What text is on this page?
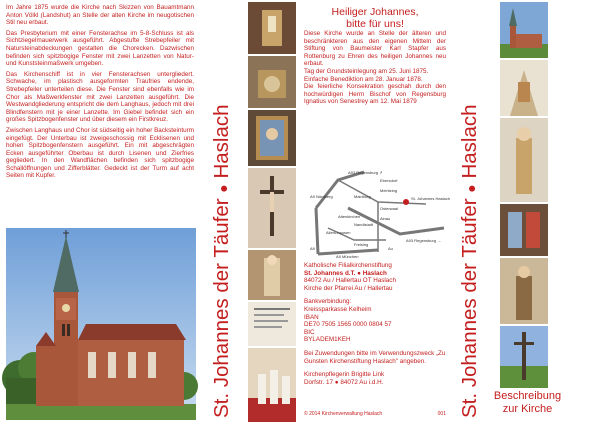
Im Jahre 1875 wurde die Kirche nach Skizzen von Bauamtmann Anton Völkl (Landshut) an Stelle der alten Kirche im neugotischen Stil neu erbaut.

Das Presbyterium mit einer Fensterachse im 5-8-Schluss ist als Sichtziegelmauerwerk ausgeführt. Abgestufte Strebepfeiler mit Natursteinabdeckungen gestalten die Chorecken. Dazwischen befinden sich spitzbogige Fenster mit zwei Lanzetten von Natur- und Kunststeinmaßwerk umgeben.

Das Kirchenschiff ist in vier Fensterachsen untergliedert. Schwache, im plastisch ausgeformten Traufries endende, Strebepfeiler unterteilen diese. Die Fenster sind ebenfalls wie im Chor als Maßwerkfenster mit zwei Lanzetten ausgeführt. Die Westwandgliederung entspricht die dem Langhaus, jedoch mit drei Blindfenstern mit je einer Lanzette. Im Giebel befindet sich ein großes Spitzbogenfenster und über diesem ein Firstkreuz.

Zwischen Langhaus und Chor ist südseitig ein hoher Backsteinturm eingefügt. Der Unterbau ist zweigeschossig mit Ecklisenen und hohen Spitzbogenfenstern ausgeführt. Ein mit abgeschrägten Ecken ausgeführter Oberbau ist durch Lisenen und Zierfries gegliedert. In den Wandflächen befinden sich spitzbogige Schallöffnungen und Zifferblätter. Gedeckt ist der Turm auf acht Seiten mit Kupfer.

St. Johannes der Täufer ● Haslach
Heiliger Johannes,
bitte für uns!
Diese Kirche wurde an Stelle der älteren und beschränkteren aus den eigenen Mitteln der Stiftung von Baumeister Karl Stapfer aus Rottenburg zu Ehren des heiligen Johannes neu erbaut.
Tag der Grundsteinlegung am 25. Juni 1875.
Einfache Benediktion am 28. Januar 1878.
Die feierliche Konsekration geschah durch den hochwürdigen Herrn Bischof von Regensburg Ignatius von Senestrey am 12. Mai 1879
A93 Regensburg ↗
Ebersdorf
Meiritzing
St. Johannes Haslach
Osterwaal
Ainau
Mainburg
Attenkirchen
Nandlstadt
Allers-hausen
Freising
A9 Nürnberg
A93 Regensburg →
A9 München
A9	Au
Katholische Filialkirchenstiftung
St. Johannes d.T. ● Haslach
84072 Au / Hallertau OT Haslach
Kirche der Pfarrei Au / Hallertau
Bankverbindung:
Kreissparkasse Kelheim
IBAN
DE70 7505 1565 0000 0804 57
BIC
BYLADEM1KEH
Bei Zuwendungen bitte im Verwendungszweck „Zu Gunsten Kirchenstiftung Haslach" angeben.
Kirchenpflegerin Brigitte Link
Dorfstr. 17 ● 84072 Au i.d.H.
© 2014 Kirchenverwaltung Haslach	001 St. Johannes der Täufer ● Haslach
Beschreibung
zur Kirche
